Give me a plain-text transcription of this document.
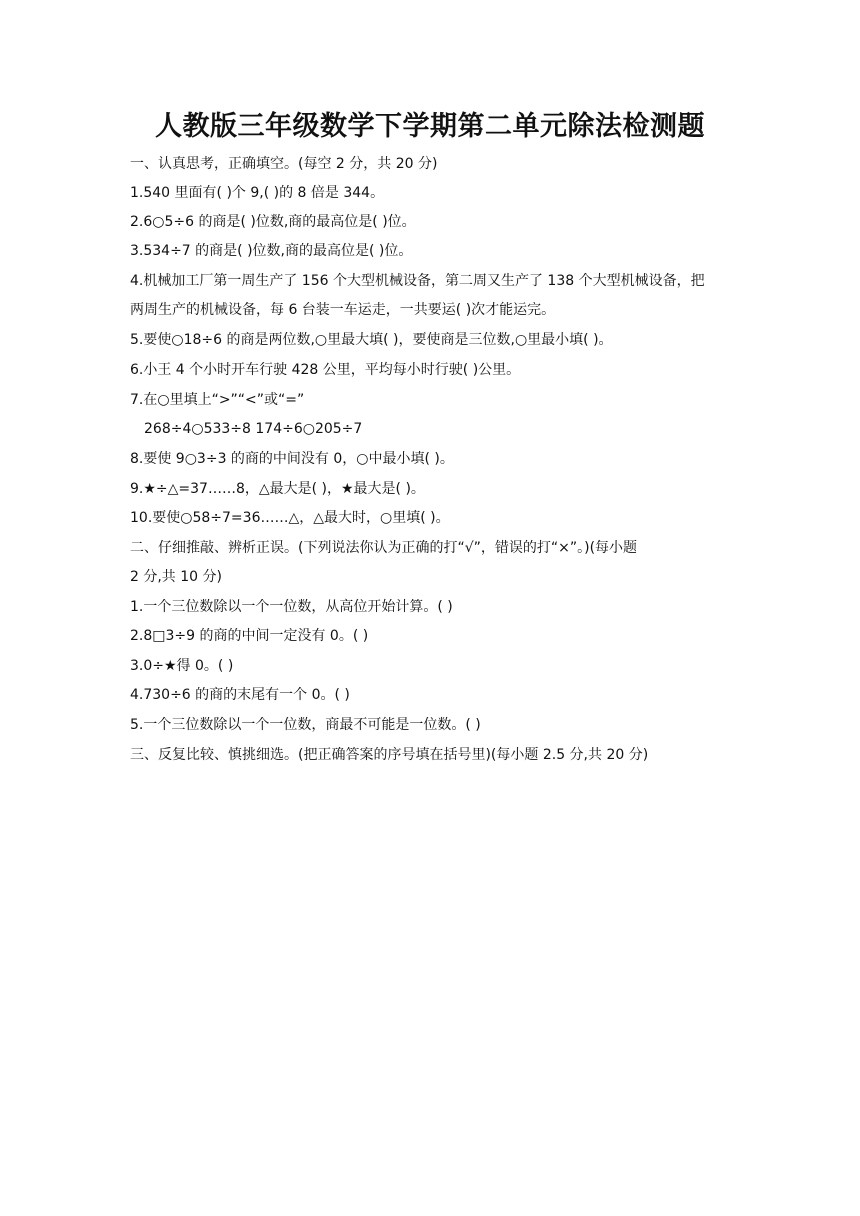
人教版三年级数学下学期第二单元除法检测题
一、认真思考，正确填空。(每空 2 分，共 20 分)
1.540 里面有( )个 9,( )的 8 倍是 344。
2.6○5÷6 的商是( )位数,商的最高位是( )位。
3.534÷7 的商是( )位数,商的最高位是( )位。
4.机械加工厂第一周生产了 156 个大型机械设备，第二周又生产了 138 个大型机械设备，把
两周生产的机械设备，每 6 台装一车运走，一共要运( )次才能运完。
5.要使○18÷6 的商是两位数,○里最大填( )，要使商是三位数,○里最小填( )。
6.小王 4 个小时开车行驶 428 公里，平均每小时行驶( )公里。
7.在○里填上“>”“<”或“=”
268÷4○533÷8 174÷6○205÷7
8.要使 9○3÷3 的商的中间没有 0，○中最小填( )。
9.★÷△=37……8，△最大是( )，★最大是( )。
10.要使○58÷7=36……△，△最大时，○里填( )。
二、仔细推敲、辨析正误。(下列说法你认为正确的打“√”，错误的打“×”。)(每小题
2 分,共 10 分)
1.一个三位数除以一个一位数，从高位开始计算。( )
2.8□3÷9 的商的中间一定没有 0。( )
3.0÷★得 0。( )
4.730÷6 的商的末尾有一个 0。( )
5.一个三位数除以一个一位数，商最不可能是一位数。( )
三、反复比较、慎挑细选。(把正确答案的序号填在括号里)(每小题 2.5 分,共 20 分)
